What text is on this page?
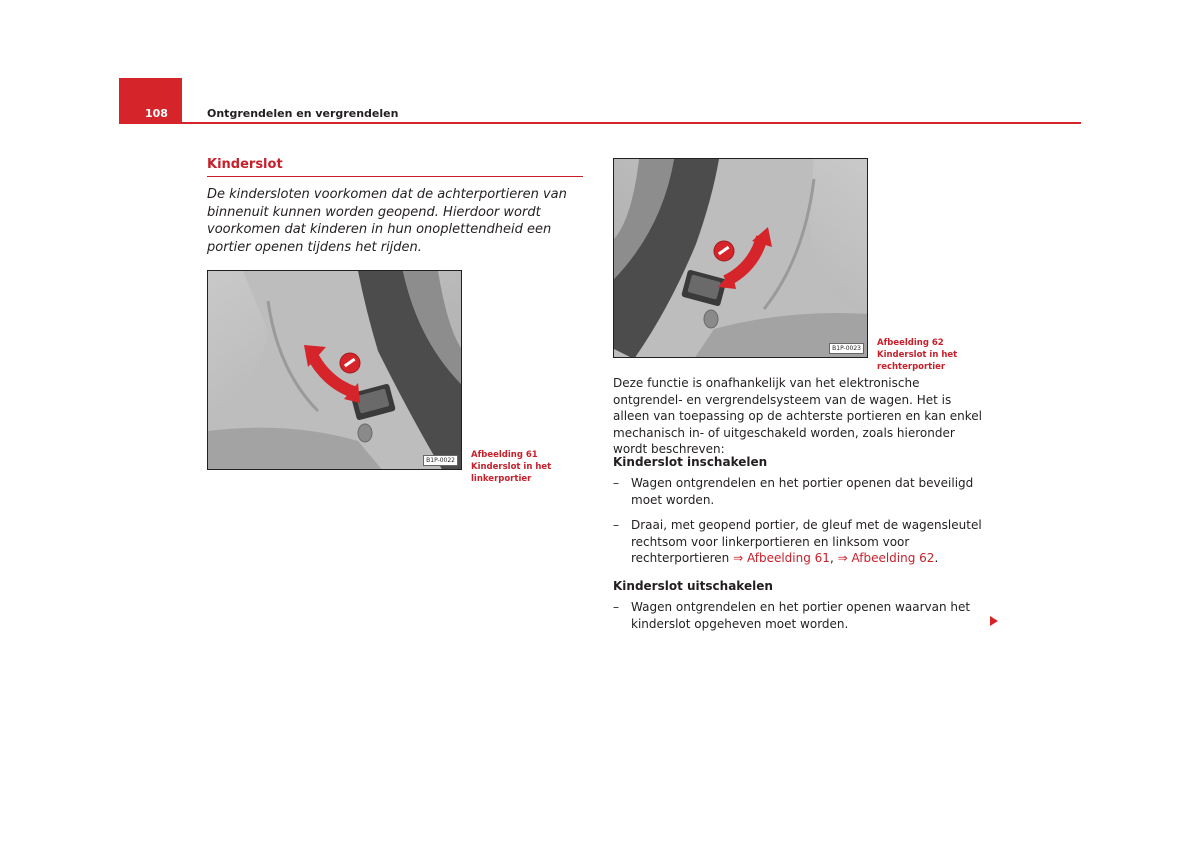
108	Ontgrendelen en vergrendelen
Kinderslot

De kindersloten voorkomen dat de achterportieren van binnenuit kunnen worden geopend. Hierdoor wordt voorkomen dat kinderen in hun onoplettendheid een portier openen tijdens het rijden.

B1P-0022
Afbeelding 61  Kinderslot in het linkerportier
B1P-0023
Afbeelding 62  Kinderslot in het rechterportier

Deze functie is onafhankelijk van het elektronische ontgrendel- en vergrendelsysteem van de wagen. Het is alleen van toepassing op de achterste portieren en kan enkel mechanisch in- of uitgeschakeld worden, zoals hieronder wordt beschreven:

Kinderslot inschakelen
– Wagen ontgrendelen en het portier openen dat beveiligd moet worden.
– Draai, met geopend portier, de gleuf met de wagensleutel rechtsom voor linkerportieren en linksom voor rechterportieren ⇒ Afbeelding 61, ⇒ Afbeelding 62.
Kinderslot uitschakelen
– Wagen ontgrendelen en het portier openen waarvan het kinderslot opgeheven moet worden.
